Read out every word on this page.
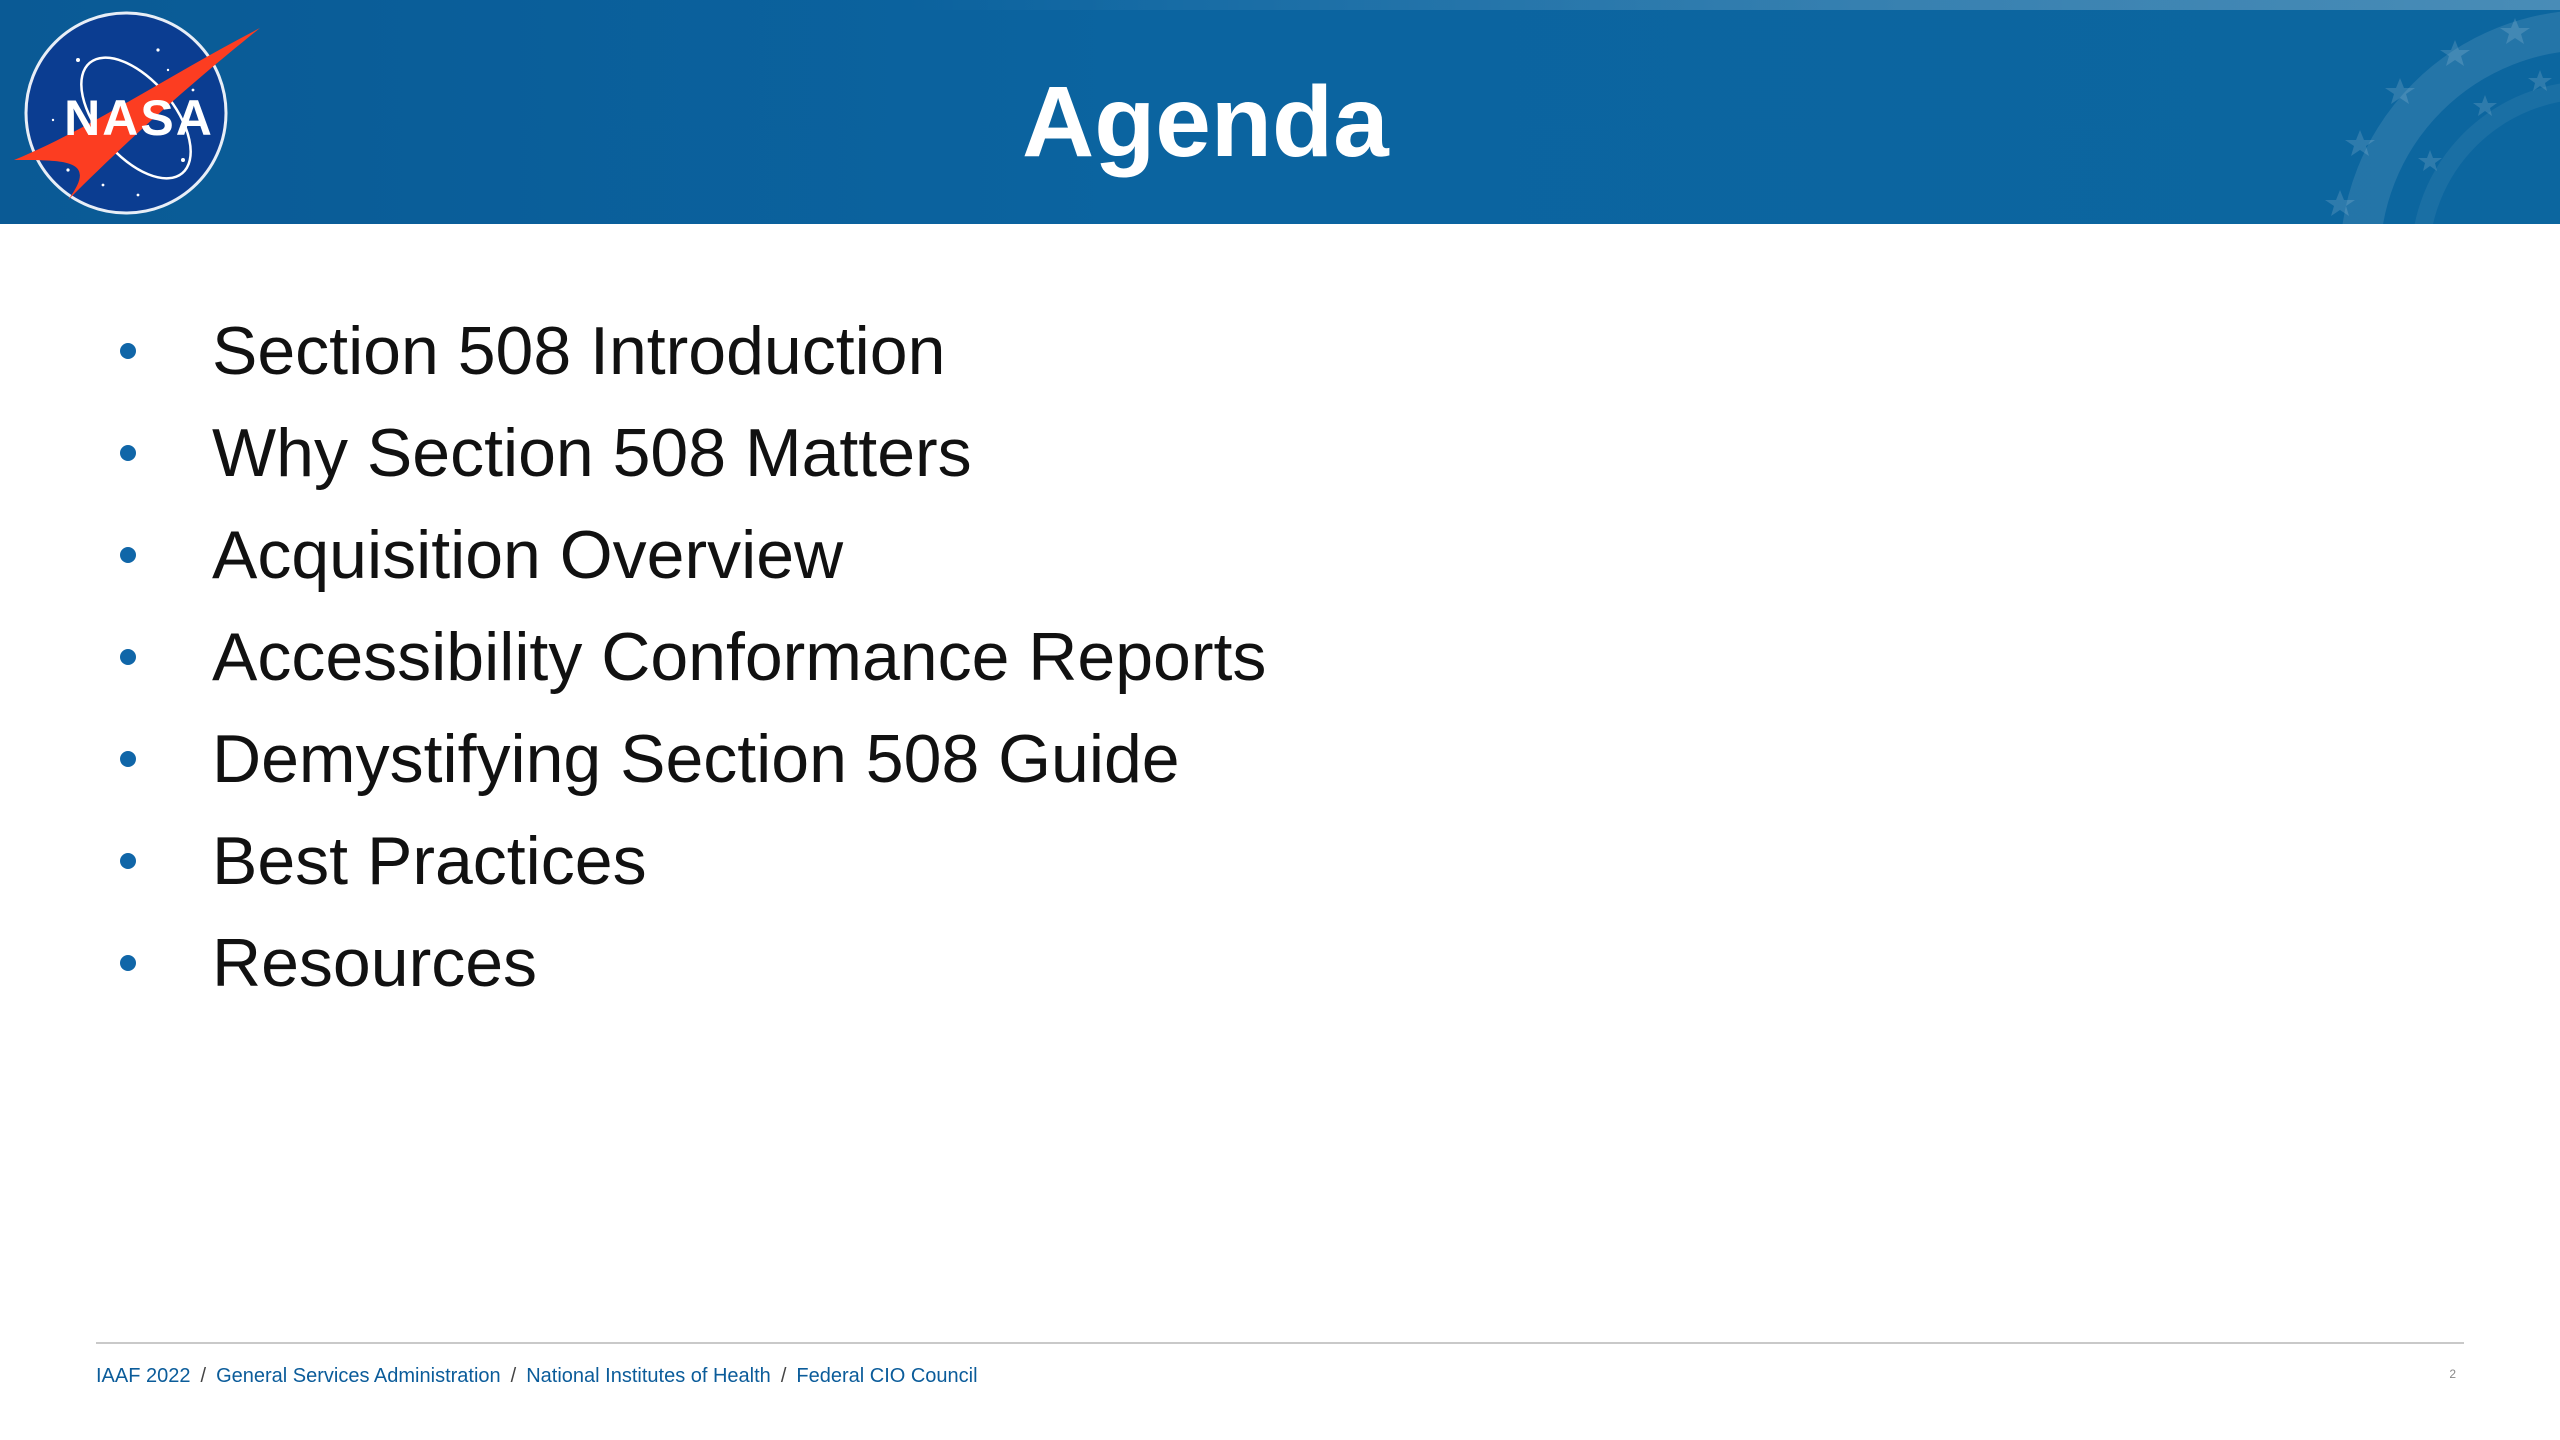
Agenda
NASA
Section 508 Introduction
Why Section 508 Matters
Acquisition Overview
Accessibility Conformance Reports
Demystifying Section 508 Guide
Best Practices
Resources
IAAF 2022 / General Services Administration / National Institutes of Health / Federal CIO Council	2
